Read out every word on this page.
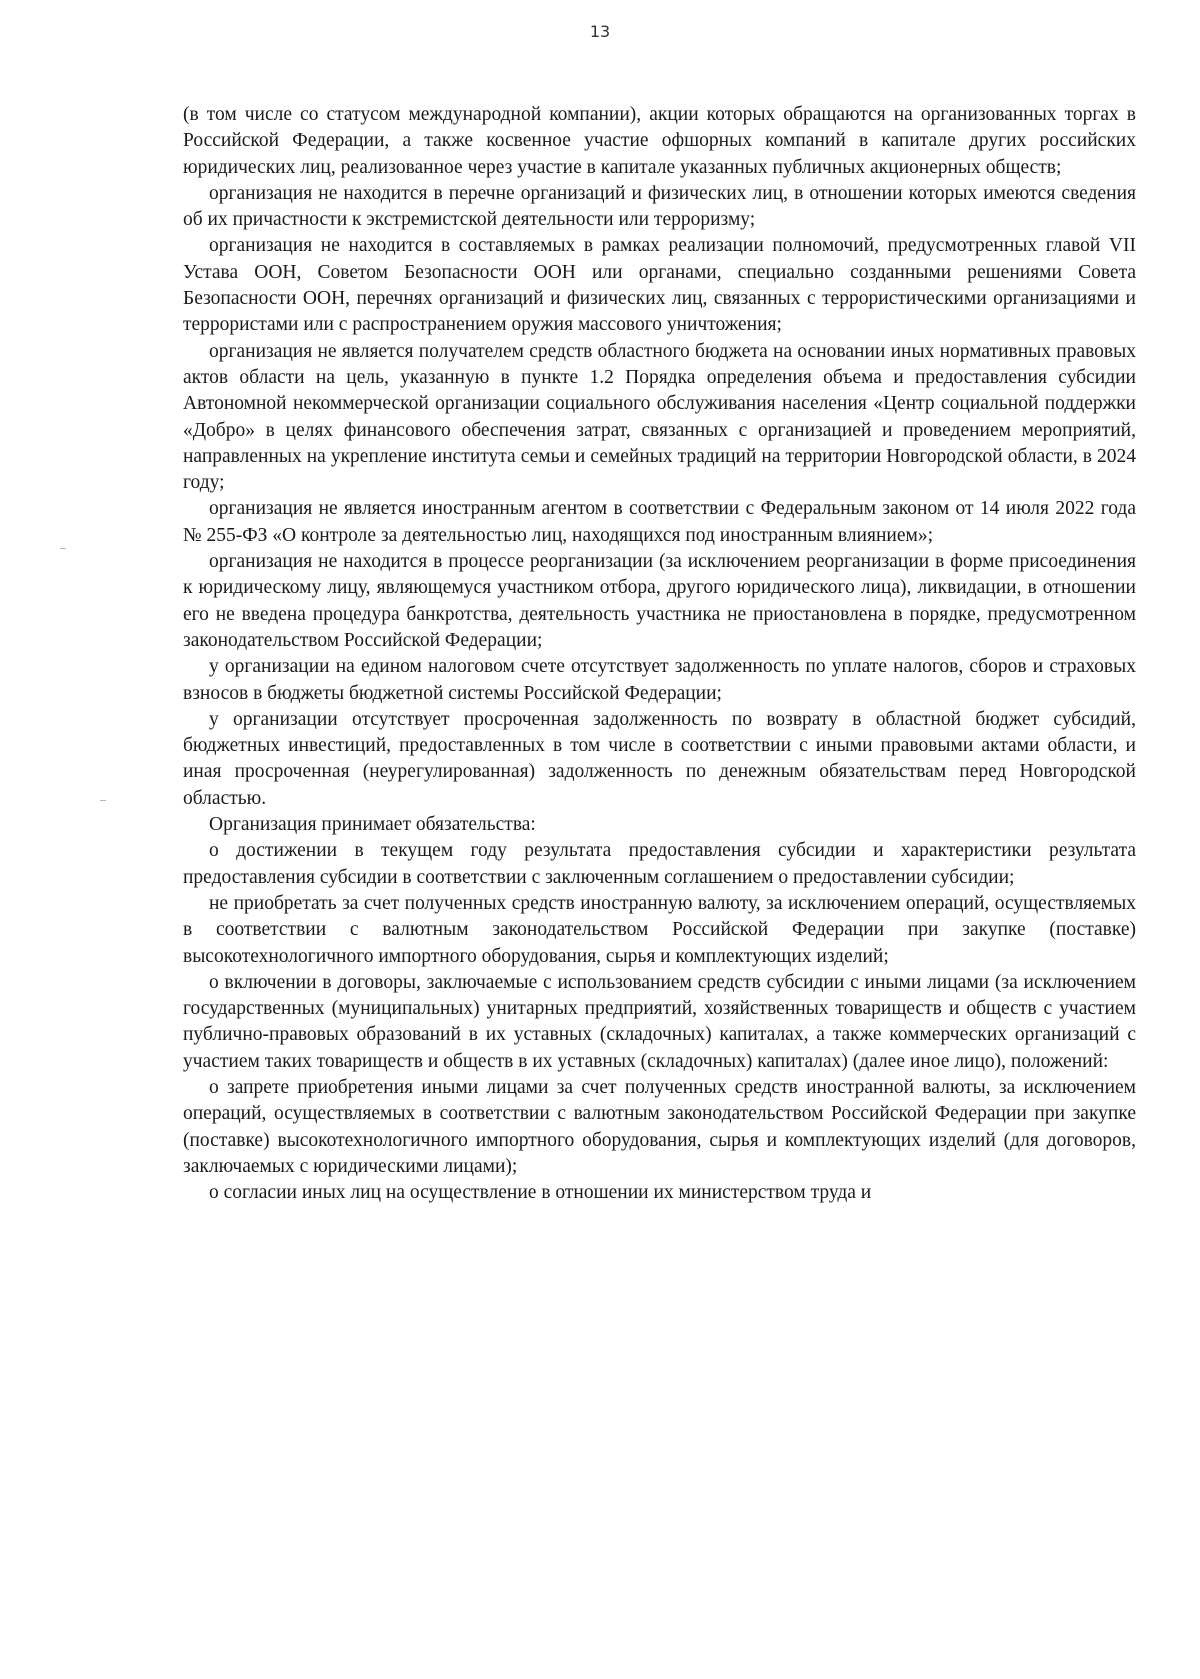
13

(в том числе со статусом международной компании), акции которых обращаются на организованных торгах в Российской Федерации, а также косвенное участие офшорных компаний в капитале других российских юридических лиц, реализованное через участие в капитале указанных публичных акционерных обществ;

организация не находится в перечне организаций и физических лиц, в отношении которых имеются сведения об их причастности к экстремистской деятельности или терроризму;

организация не находится в составляемых в рамках реализации полномочий, предусмотренных главой VII Устава ООН, Советом Безопасности ООН или органами, специально созданными решениями Совета Безопасности ООН, перечнях организаций и физических лиц, связанных с террористическими организациями и террористами или с распространением оружия массового уничтожения;

организация не является получателем средств областного бюджета на основании иных нормативных правовых актов области на цель, указанную в пункте 1.2 Порядка определения объема и предоставления субсидии Автономной некоммерческой организации социального обслуживания населения «Центр социальной поддержки «Добро» в целях финансового обеспечения затрат, связанных с организацией и проведением мероприятий, направленных на укрепление института семьи и семейных традиций на территории Новгородской области, в 2024 году;

организация не является иностранным агентом в соответствии с Федеральным законом от 14 июля 2022 года № 255-ФЗ «О контроле за деятельностью лиц, находящихся под иностранным влиянием»;

организация не находится в процессе реорганизации (за исключением реорганизации в форме присоединения к юридическому лицу, являющемуся участником отбора, другого юридического лица), ликвидации, в отношении его не введена процедура банкротства, деятельность участника не приостановлена в порядке, предусмотренном законодательством Российской Федерации;

у организации на едином налоговом счете отсутствует задолженность по уплате налогов, сборов и страховых взносов в бюджеты бюджетной системы Российской Федерации;

у организации отсутствует просроченная задолженность по возврату в областной бюджет субсидий, бюджетных инвестиций, предоставленных в том числе в соответствии с иными правовыми актами области, и иная просроченная (неурегулированная) задолженность по денежным обязательствам перед Новгородской областью.

Организация принимает обязательства:

о достижении в текущем году результата предоставления субсидии и характеристики результата предоставления субсидии в соответствии с заключенным соглашением о предоставлении субсидии;

не приобретать за счет полученных средств иностранную валюту, за исключением операций, осуществляемых в соответствии с валютным законодательством Российской Федерации при закупке (поставке) высокотехнологичного импортного оборудования, сырья и комплектующих изделий;

о включении в договоры, заключаемые с использованием средств субсидии с иными лицами (за исключением государственных (муниципальных) унитарных предприятий, хозяйственных товариществ и обществ с участием публично-правовых образований в их уставных (складочных) капиталах, а также коммерческих организаций с участием таких товариществ и обществ в их уставных (складочных) капиталах) (далее иное лицо), положений:

о запрете приобретения иными лицами за счет полученных средств иностранной валюты, за исключением операций, осуществляемых в соответствии с валютным законодательством Российской Федерации при закупке (поставке) высокотехнологичного импортного оборудования, сырья и комплектующих изделий (для договоров, заключаемых с юридическими лицами);

о согласии иных лиц на осуществление в отношении их министерством труда и
